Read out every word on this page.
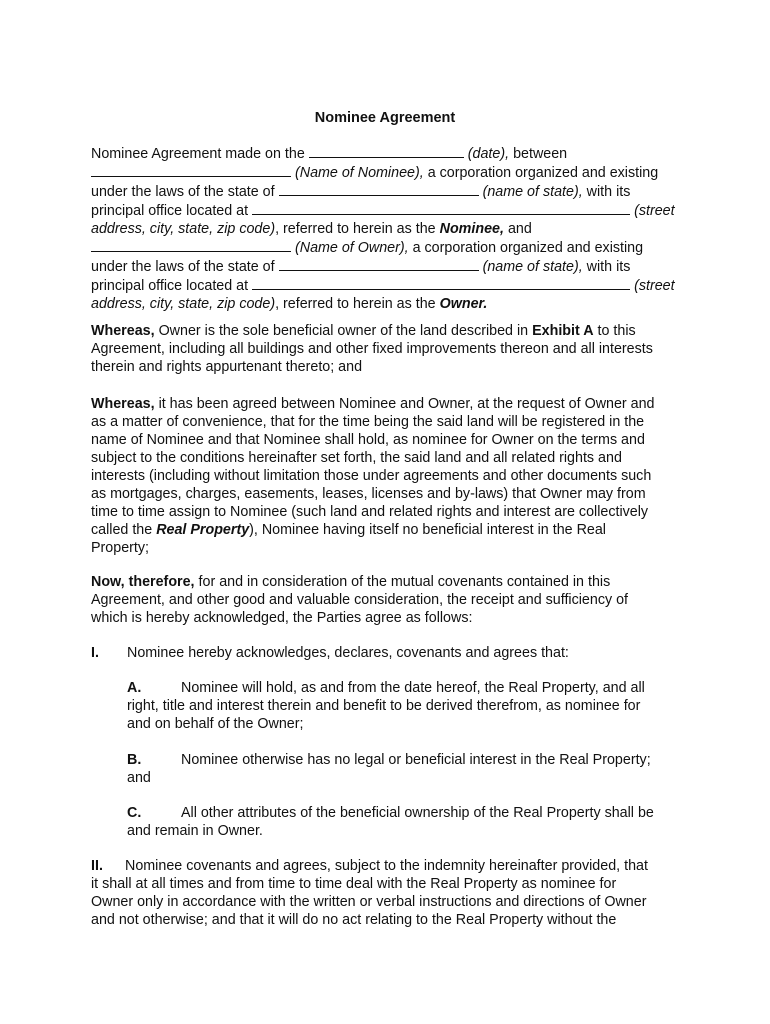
Nominee Agreement
Nominee Agreement made on the	(date), between
(Name of Nominee), a corporation organized and existing
under the laws of the state of	(name of state), with its
principal office located at	(street
address, city, state, zip code), referred to herein as the Nominee, and
(Name of Owner), a corporation organized and existing
under the laws of the state of	(name of state), with its
principal office located at	(street
address, city, state, zip code), referred to herein as the Owner.
Whereas, Owner is the sole beneficial owner of the land described in Exhibit A to this
Agreement, including all buildings and other fixed improvements thereon and all interests
therein and rights appurtenant thereto; and
Whereas, it has been agreed between Nominee and Owner, at the request of Owner and
as a matter of convenience, that for the time being the said land will be registered in the
name of Nominee and that Nominee shall hold, as nominee for Owner on the terms and
subject to the conditions hereinafter set forth, the said land and all related rights and
interests (including without limitation those under agreements and other documents such
as mortgages, charges, easements, leases, licenses and by-laws) that Owner may from
time to time assign to Nominee (such land and related rights and interest are collectively
called the Real Property), Nominee having itself no beneficial interest in the Real
Property;
Now, therefore, for and in consideration of the mutual covenants contained in this
Agreement, and other good and valuable consideration, the receipt and sufficiency of
which is hereby acknowledged, the Parties agree as follows:
I. Nominee hereby acknowledges, declares, covenants and agrees that:
A.	Nominee will hold, as and from the date hereof, the Real Property, and all
right, title and interest therein and benefit to be derived therefrom, as nominee for
and on behalf of the Owner;
B.	Nominee otherwise has no legal or beneficial interest in the Real Property;
and
C.	All other attributes of the beneficial ownership of the Real Property shall be
and remain in Owner.
II. Nominee covenants and agrees, subject to the indemnity hereinafter provided, that
it shall at all times and from time to time deal with the Real Property as nominee for
Owner only in accordance with the written or verbal instructions and directions of Owner
and not otherwise; and that it will do no act relating to the Real Property without the
